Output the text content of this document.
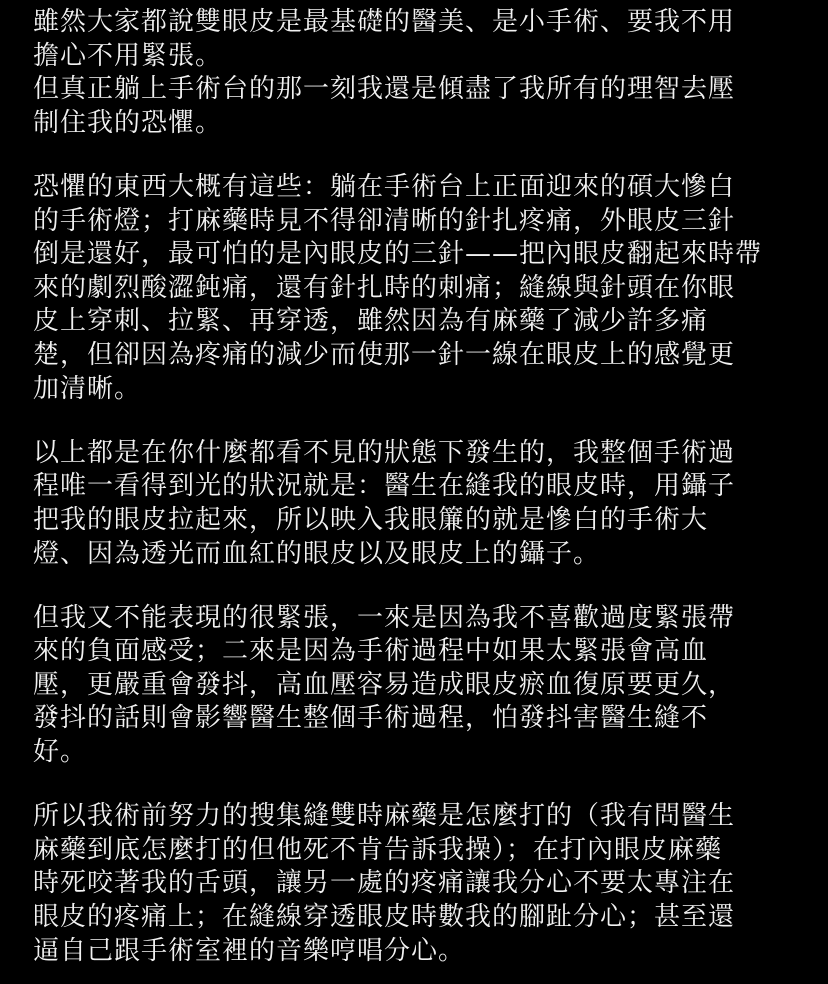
雖然大家都說雙眼皮是最基礎的醫美、是小手術、要我不用
擔心不用緊張。

但真正躺上手術台的那一刻我還是傾盡了我所有的理智去壓
制住我的恐懼。

恐懼的東西大概有這些：躺在手術台上正面迎來的碩大慘白
的手術燈；打麻藥時見不得卻清晰的針扎疼痛，外眼皮三針
倒是還好，最可怕的是內眼皮的三針——把內眼皮翻起來時帶
來的劇烈酸澀鈍痛，還有針扎時的刺痛；縫線與針頭在你眼
皮上穿刺、拉緊、再穿透，雖然因為有麻藥了減少許多痛
楚，但卻因為疼痛的減少而使那一針一線在眼皮上的感覺更
加清晰。

以上都是在你什麼都看不見的狀態下發生的，我整個手術過
程唯一看得到光的狀況就是：醫生在縫我的眼皮時，用鑷子
把我的眼皮拉起來，所以映入我眼簾的就是慘白的手術大
燈、因為透光而血紅的眼皮以及眼皮上的鑷子。

但我又不能表現的很緊張，一來是因為我不喜歡過度緊張帶
來的負面感受；二來是因為手術過程中如果太緊張會高血
壓，更嚴重會發抖，高血壓容易造成眼皮瘀血復原要更久，
發抖的話則會影響醫生整個手術過程，怕發抖害醫生縫不
好。

所以我術前努力的搜集縫雙時麻藥是怎麼打的（我有問醫生
麻藥到底怎麼打的但他死不肯告訴我操）；在打內眼皮麻藥
時死咬著我的舌頭，讓另一處的疼痛讓我分心不要太專注在
眼皮的疼痛上；在縫線穿透眼皮時數我的腳趾分心；甚至還
逼自己跟手術室裡的音樂哼唱分心。
